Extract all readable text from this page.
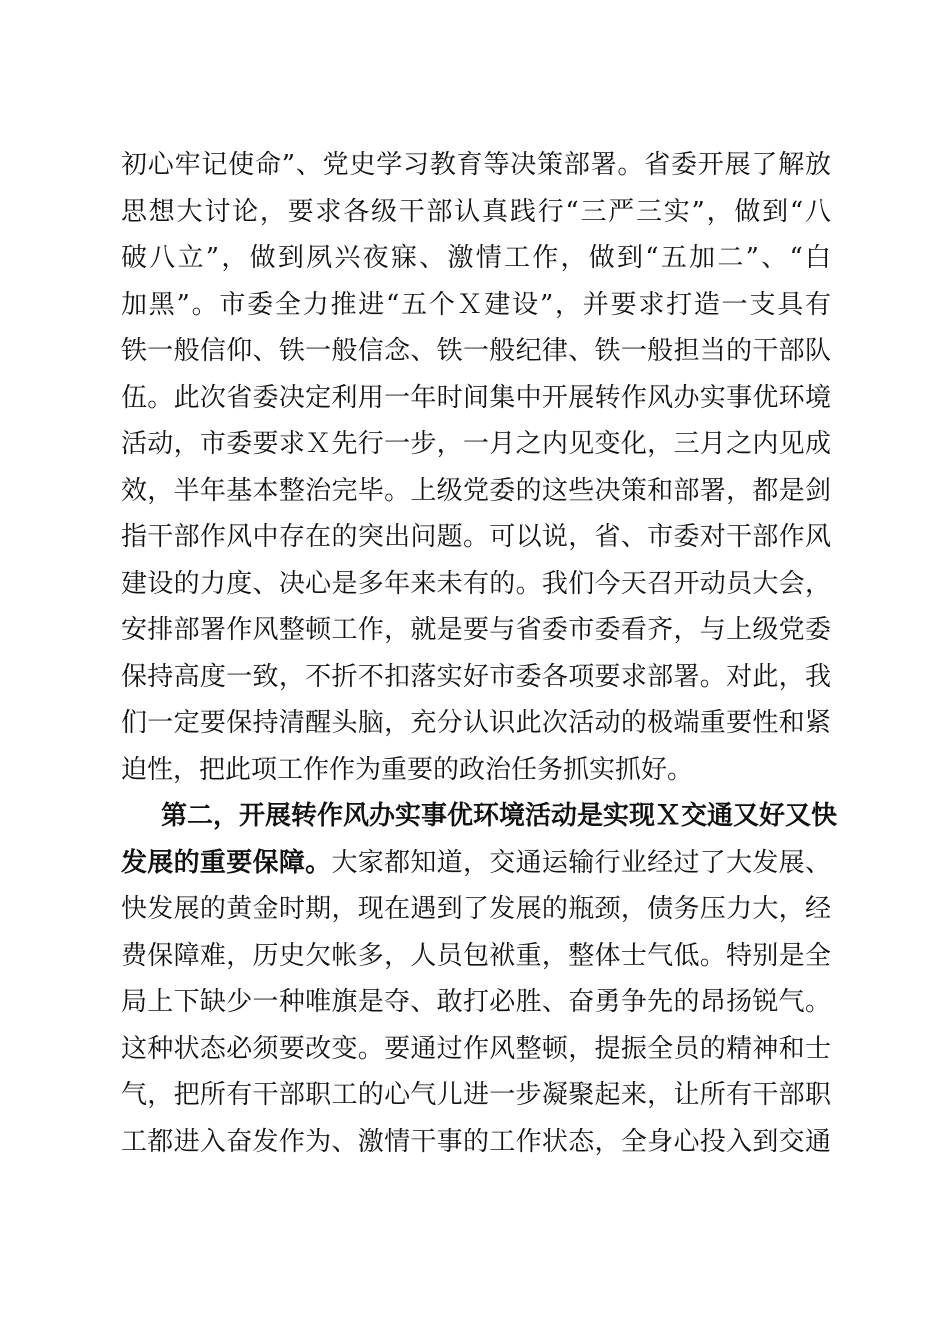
初心牢记使命”、党史学习教育等决策部署。省委开展了解放
思想大讨论，要求各级干部认真践行“三严三实”，做到“八
破八立”，做到夙兴夜寐、激情工作，做到“五加二”、“白
加黑”。市委全力推进“五个Ｘ建设”，并要求打造一支具有
铁一般信仰、铁一般信念、铁一般纪律、铁一般担当的干部队
伍。此次省委决定利用一年时间集中开展转作风办实事优环境
活动，市委要求Ｘ先行一步，一月之内见变化，三月之内见成
效，半年基本整治完毕。上级党委的这些决策和部署，都是剑
指干部作风中存在的突出问题。可以说，省、市委对干部作风
建设的力度、决心是多年来未有的。我们今天召开动员大会，
安排部署作风整顿工作，就是要与省委市委看齐，与上级党委
保持高度一致，不折不扣落实好市委各项要求部署。对此，我
们一定要保持清醒头脑，充分认识此次活动的极端重要性和紧
迫性，把此项工作作为重要的政治任务抓实抓好。
第二，开展转作风办实事优环境活动是实现Ｘ交通又好又快
发展的重要保障。大家都知道，交通运输行业经过了大发展、
快发展的黄金时期，现在遇到了发展的瓶颈，债务压力大，经
费保障难，历史欠帐多，人员包袱重，整体士气低。特别是全
局上下缺少一种唯旗是夺、敢打必胜、奋勇争先的昂扬锐气。
这种状态必须要改变。要通过作风整顿，提振全员的精神和士
气，把所有干部职工的心气儿进一步凝聚起来，让所有干部职
工都进入奋发作为、激情干事的工作状态，全身心投入到交通
